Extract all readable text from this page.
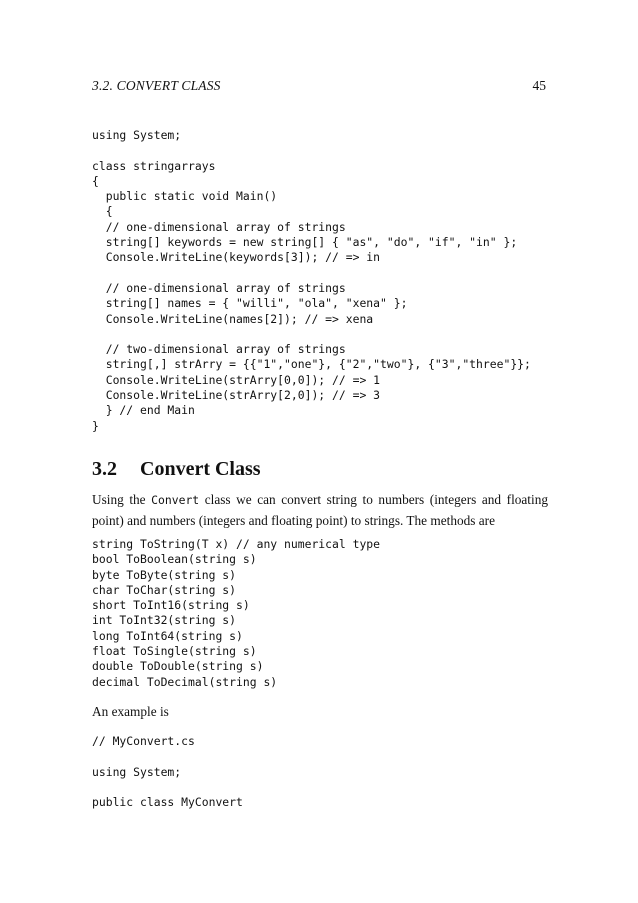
3.2. CONVERT CLASS	45
using System;
class stringarrays
{
public static void Main()
{
// one-dimensional array of strings
string[] keywords = new string[] { "as", "do", "if", "in" };
Console.WriteLine(keywords[3]); // => in
// one-dimensional array of strings
string[] names = { "willi", "ola", "xena" };
Console.WriteLine(names[2]); // => xena
// two-dimensional array of strings
string[,] strArry = {{"1","one"}, {"2","two"}, {"3","three"}};
Console.WriteLine(strArry[0,0]); // => 1
Console.WriteLine(strArry[2,0]); // => 3
} // end Main
}
3.2 Convert Class

Using the Convert class we can convert string to numbers (integers and floating point) and numbers (integers and floating point) to strings. The methods are

string ToString(T x) // any numerical type
bool ToBoolean(string s)
byte ToByte(string s)
char ToChar(string s)
short ToInt16(string s)
int ToInt32(string s)
long ToInt64(string s)
float ToSingle(string s)
double ToDouble(string s)
decimal ToDecimal(string s)

An example is

// MyConvert.cs
using System;
public class MyConvert
